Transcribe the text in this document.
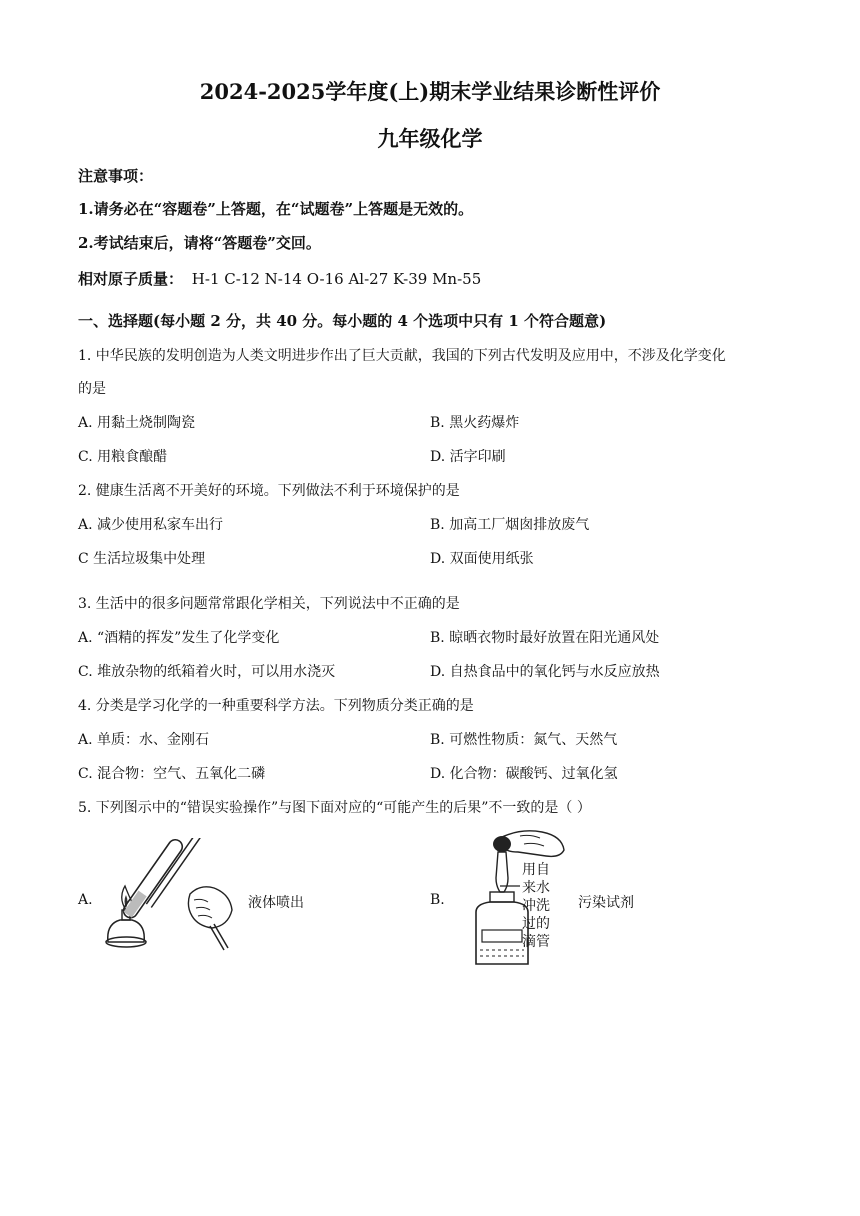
2024-2025学年度(上)期末学业结果诊断性评价
九年级化学
注意事项：
1.请务必在“容题卷”上答题，在“试题卷”上答题是无效的。
2.考试结束后，请将“答题卷”交回。
相对原子质量： H-1 C-12 N-14 O-16 Al-27 K-39 Mn-55
一、选择题(每小题 2 分，共 40 分。每小题的 4 个选项中只有 1 个符合题意)
1. 中华民族的发明创造为人类文明进步作出了巨大贡献，我国的下列古代发明及应用中，不涉及化学变化
的是
A. 用黏土烧制陶瓷	B. 黑火药爆炸
C. 用粮食酿醋	D. 活字印刷
2. 健康生活离不开美好的环境。下列做法不利于环境保护的是
A. 减少使用私家车出行	B. 加高工厂烟囱排放废气
C 生活垃圾集中处理	D. 双面使用纸张
3. 生活中的很多问题常常跟化学相关，下列说法中不正确的是
A. “酒精的挥发”发生了化学变化	B. 晾晒衣物时最好放置在阳光通风处
C. 堆放杂物的纸箱着火时，可以用水浇灭	D. 自热食品中的氧化钙与水反应放热
4. 分类是学习化学的一种重要科学方法。下列物质分类正确的是
A. 单质：水、金刚石	B. 可燃性物质：氮气、天然气
C. 混合物：空气、五氧化二磷	D. 化合物：碳酸钙、过氧化氢
5. 下列图示中的“错误实验操作”与图下面对应的“可能产生的后果”不一致的是（ ）
A.	B.
液体喷出	污染试剂
用自
来水
冲洗
过的
滴管
